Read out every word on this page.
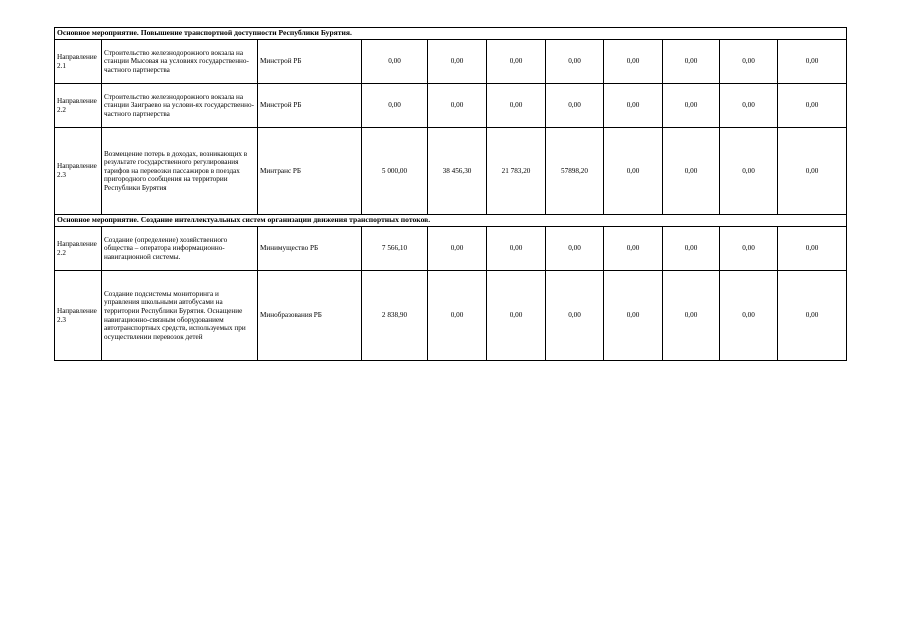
Основное мероприятие. Повышение транспортной доступности Республики Бурятия.										
Направление 2.1	Строительство железнодорожного вокзала на станции Мысовая на условиях государственно-частного партнерства	Минстрой РБ	0,00	0,00	0,00	0,00	0,00	0,00	0,00	0,00
Направление 2.2	Строительство железнодорожного вокзала на станции Заиграево на услови-ях государственно-частного партнерства	Минстрой РБ	0,00	0,00	0,00	0,00	0,00	0,00	0,00	0,00
Направление 2.3	Возмещение потерь в доходах, возникающих в результате государственного регулирования тарифов на перевозки пассажиров в поездах пригородного сообщения на территории Республики Бурятия	Минтранс РБ	5 000,00	38 456,30	21 783,20	57898,20	0,00	0,00	0,00	0,00
Основное мероприятие. Создание интеллектуальных систем организации движения транспортных потоков.										
Направление 2.2	Создание (определение) хозяйственного общества – оператора информационно-навигационной системы.	Минимущество РБ	7 566,10	0,00	0,00	0,00	0,00	0,00	0,00	0,00
Направление 2.3	Создание подсистемы мониторинга и управления школьными автобусами на территории Республики Бурятия. Оснащение навигационно-связным оборудованием автотранспортных средств, используемых при осуществлении перевозок детей	Минобразования РБ	2 838,90	0,00	0,00	0,00	0,00	0,00	0,00	0,00
